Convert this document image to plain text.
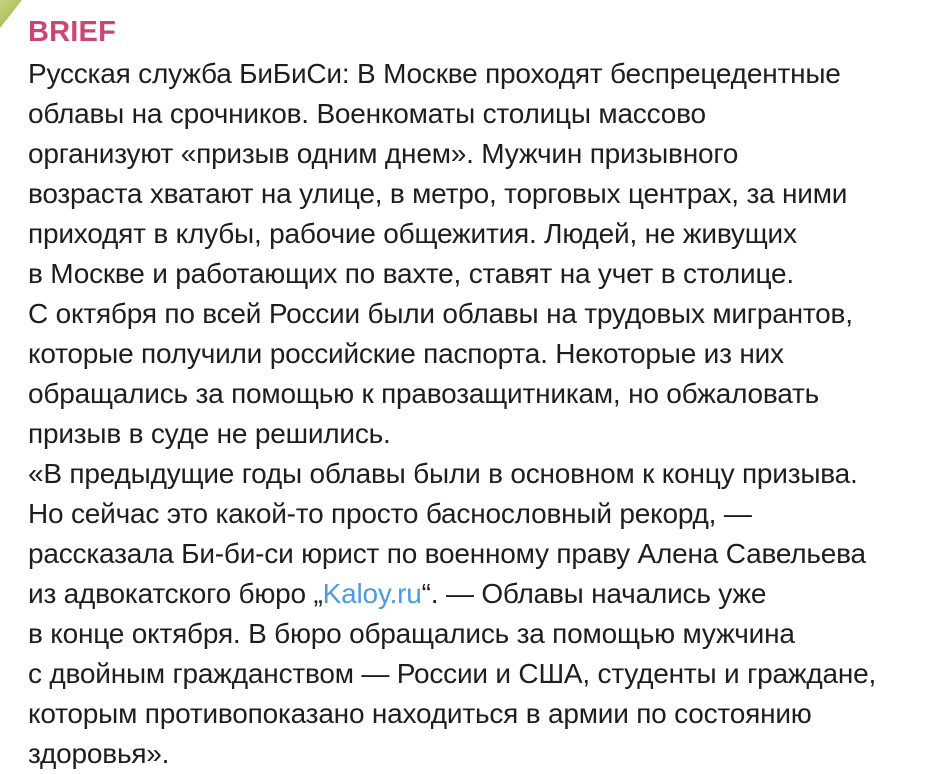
BRIEF
Русская служба БиБиСи: В Москве проходят беспрецедентные
облавы на срочников. Военкоматы столицы массово
организуют «призыв одним днем». Мужчин призывного
возраста хватают на улице, в метро, торговых центрах, за ними
приходят в клубы, рабочие общежития. Людей, не живущих
в Москве и работающих по вахте, ставят на учет в столице.
С октября по всей России были облавы на трудовых мигрантов,
которые получили российские паспорта. Некоторые из них
обращались за помощью к правозащитникам, но обжаловать
призыв в суде не решились.
«В предыдущие годы облавы были в основном к концу призыва.
Но сейчас это какой-то просто баснословный рекорд, —
рассказала Би-би-си юрист по военному праву Алена Савельева
из адвокатского бюро „Kaloy.ru“. — Облавы начались уже
в конце октября. В бюро обращались за помощью мужчина
с двойным гражданством — России и США, студенты и граждане,
которым противопоказано находиться в армии по состоянию
здоровья».
